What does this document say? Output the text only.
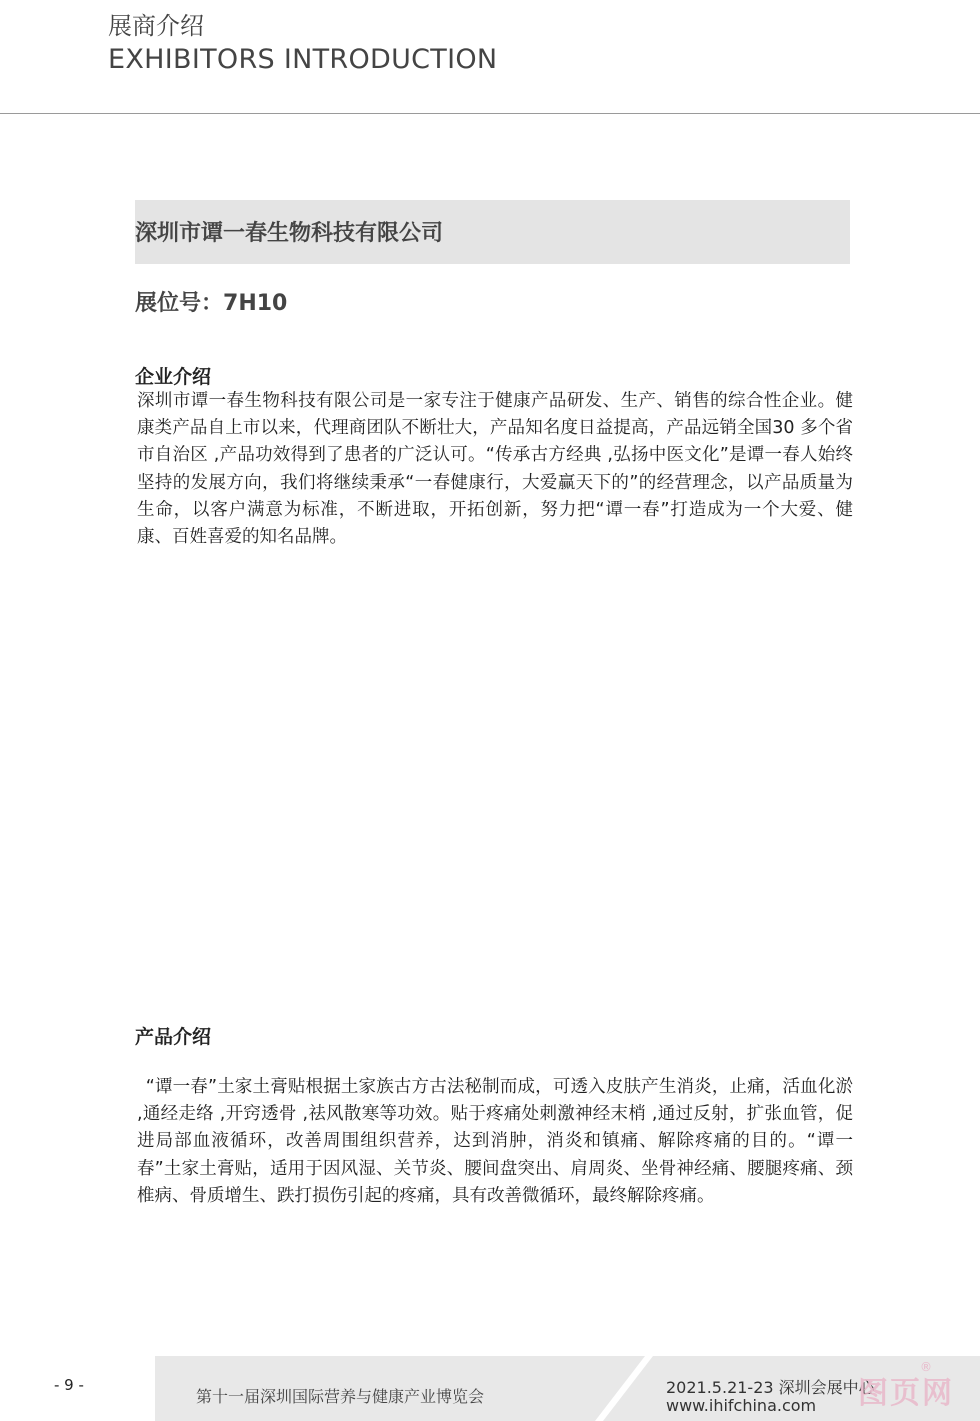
展商介绍
EXHIBITORS INTRODUCTION
深圳市谭一春生物科技有限公司
展位号：7H10
企业介绍
深圳市谭一春生物科技有限公司是一家专注于健康产品研发、生产、销售的综合性企业。健康类产品自上市以来，代理商团队不断壮大，产品知名度日益提高，产品远销全国30 多个省市自治区 ,产品功效得到了患者的广泛认可。“传承古方经典 ,弘扬中医文化”是谭一春人始终坚持的发展方向，我们将继续秉承“一春健康行，大爱赢天下的”的经营理念，以产品质量为生命，以客户满意为标准，不断进取，开拓创新，努力把“谭一春”打造成为一个大爱、健康、百姓喜爱的知名品牌。
产品介绍
“谭一春”土家土膏贴根据土家族古方古法秘制而成，可透入皮肤产生消炎，止痛，活血化淤 ,通经走络 ,开窍透骨 ,祛风散寒等功效。贴于疼痛处刺激神经末梢 ,通过反射，扩张血管，促进局部血液循环，改善周围组织营养，达到消肿，消炎和镇痛、解除疼痛的目的。“谭一春”土家土膏贴，适用于因风湿、关节炎、腰间盘突出、肩周炎、坐骨神经痛、腰腿疼痛、颈椎病、骨质增生、跌打损伤引起的疼痛，具有改善微循环，最终解除疼痛。
- 9 -
第十一届深圳国际营养与健康产业博览会	2021.5.21-23 深圳会展中心
www.ihifchina.com 图页网
®
